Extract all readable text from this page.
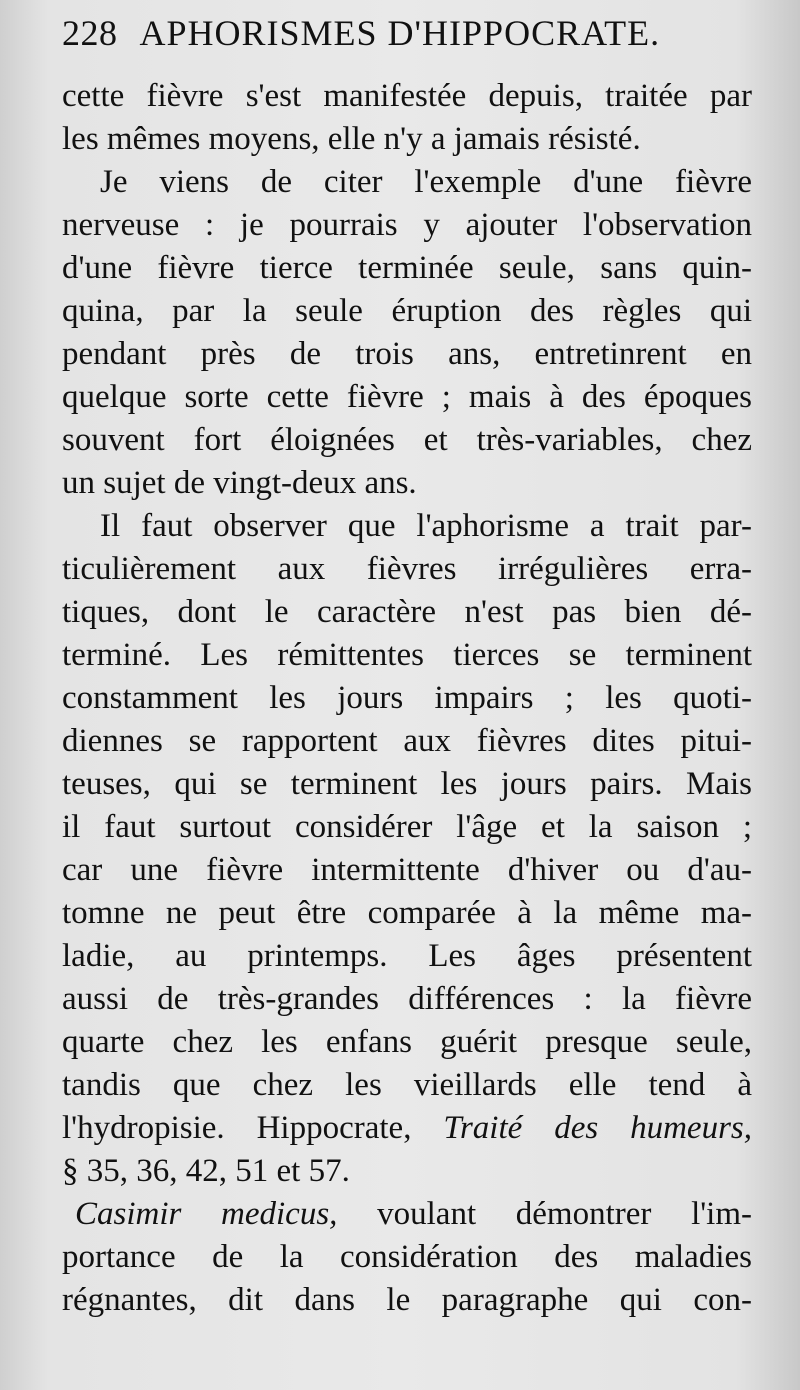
228 APHORISMES D'HIPPOCRATE.
cette fièvre s'est manifestée depuis, traitée par
les mêmes moyens, elle n'y a jamais résisté.
Je viens de citer l'exemple d'une fièvre
nerveuse : je pourrais y ajouter l'observation
d'une fièvre tierce terminée seule, sans quin-
quina, par la seule éruption des règles qui
pendant près de trois ans, entretinrent en
quelque sorte cette fièvre ; mais à des époques
souvent fort éloignées et très-variables, chez
un sujet de vingt-deux ans.
Il faut observer que l'aphorisme a trait par-
ticulièrement aux fièvres irrégulières erra-
tiques, dont le caractère n'est pas bien dé-
terminé. Les rémittentes tierces se terminent
constamment les jours impairs ; les quoti-
diennes se rapportent aux fièvres dites pitui-
teuses, qui se terminent les jours pairs. Mais
il faut surtout considérer l'âge et la saison ;
car une fièvre intermittente d'hiver ou d'au-
tomne ne peut être comparée à la même ma-
ladie, au printemps. Les âges présentent
aussi de très-grandes différences : la fièvre
quarte chez les enfans guérit presque seule,
tandis que chez les vieillards elle tend à
l'hydropisie. Hippocrate, Traité des humeurs,
§ 35, 36, 42, 51 et 57.
Casimir medicus, voulant démontrer l'im-
portance de la considération des maladies
régnantes, dit dans le paragraphe qui con-
